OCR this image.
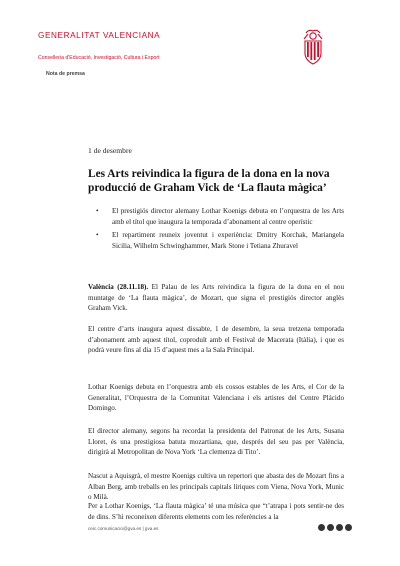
GENERALITAT VALENCIANA
Conselleria d'Educació, Investigació, Cultura i Esport
Nota de premsa
1 de desembre
Les Arts reivindica la figura de la dona en la nova producció de Graham Vick de ‘La flauta màgica’
• El prestigiós director alemany Lothar Koenigs debuta en l’orquestra de les Arts amb el títol que inaugura la temporada d’abonament al centre operístic
• El repartiment reuneix joventut i experiència: Dmitry Korchak, Mariangela Sicilia, Wilhelm Schwinghammer, Mark Stone i Tetiana Zhuravel

València (28.11.18). El Palau de les Arts reivindica la figura de la dona en el nou muntatge de ‘La flauta màgica’, de Mozart, que signa el prestigiós director anglès Graham Vick.

El centre d’arts inaugura aquest dissabte, 1 de desembre, la seua tretzena temporada d’abonament amb aquest títol, coproduït amb el Festival de Macerata (Itàlia), i que es podrà veure fins al dia 15 d’aquest mes a la Sala Principal.

Lothar Koenigs debuta en l’orquestra amb els cossos estables de les Arts, el Cor de la Generalitat, l’Orquestra de la Comunitat Valenciana i els artistes del Centre Plácido Domingo.

El director alemany, segons ha recordat la presidenta del Patronat de les Arts, Susana Lloret, és una prestigiosa batuta mozartiana, que, després del seu pas per València, dirigirà al Metropolitan de Nova York ‘La clemenza di Tito’.

Nascut a Aquisgrà, el mestre Koenigs cultiva un repertori que abasta des de Mozart fins a Alban Berg, amb treballs en les principals capitals líriques com Viena, Nova York, Munic o Milà.

Per a Lothar Koenigs, ‘La flauta màgica’ té una música que “t’atrapa i pots sentir-ne des de dins. S’hi reconeixen diferents elements com les referències a la

ceic.comunicacio@gva.es | gva.es
